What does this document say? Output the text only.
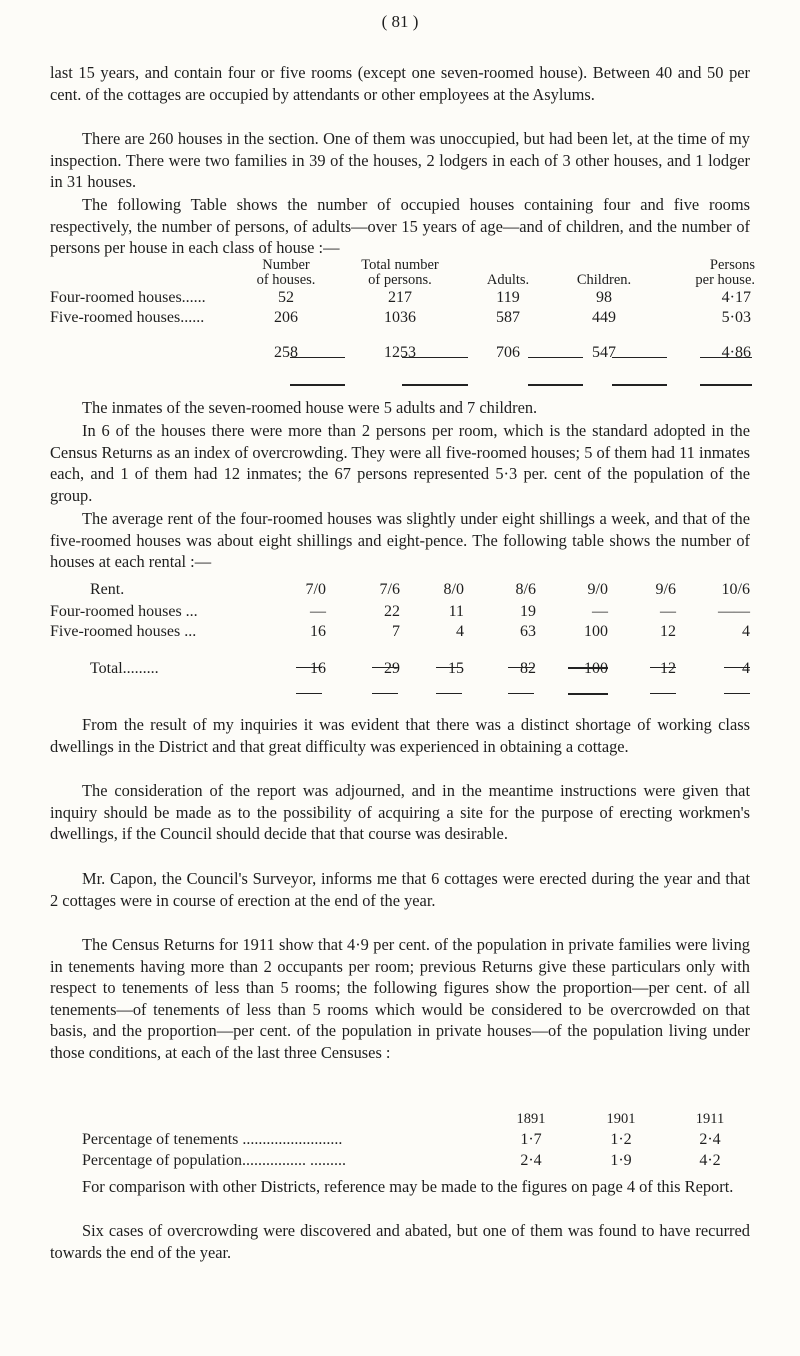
( 81 )

last 15 years, and contain four or five rooms (except one seven-roomed house). Between 40 and 50 per cent. of the cottages are occupied by attendants or other employees at the Asylums.

There are 260 houses in the section. One of them was unoccupied, but had been let, at the time of my inspection. There were two families in 39 of the houses, 2 lodgers in each of 3 other houses, and 1 lodger in 31 houses.

The following Table shows the number of occupied houses containing four and five rooms respectively, the number of persons, of adults—over 15 years of age—and of children, and the number of persons per house in each class of house :—

	Number	Total number			Persons
	of houses.	of persons.	Adults.	Children.	per house.
Four-roomed houses......	52	217	119	98	4·17
Five-roomed houses......	206	1036	587	449	5·03

	258	1253	706	547	4·86

The inmates of the seven-roomed house were 5 adults and 7 children.

In 6 of the houses there were more than 2 persons per room, which is the standard adopted in the Census Returns as an index of overcrowding. They were all five-roomed houses; 5 of them had 11 inmates each, and 1 of them had 12 inmates; the 67 persons represented 5·3 per. cent of the population of the group.

The average rent of the four-roomed houses was slightly under eight shillings a week, and that of the five-roomed houses was about eight shillings and eight-pence. The following table shows the number of houses at each rental :—

Rent.	7/0	7/6	8/0	8/6	9/0	9/6	10/6
Four-roomed houses ...	—	22	11	19	—	—	——
Five-roomed houses ...	16	7	4	63	100	12	4

Total.........	16	29	15	82	100	12	4

From the result of my inquiries it was evident that there was a distinct shortage of working class dwellings in the District and that great difficulty was experienced in obtaining a cottage.

The consideration of the report was adjourned, and in the meantime instructions were given that inquiry should be made as to the possibility of acquiring a site for the purpose of erecting workmen's dwellings, if the Council should decide that that course was desirable.

Mr. Capon, the Council's Surveyor, informs me that 6 cottages were erected during the year and that 2 cottages were in course of erection at the end of the year.

The Census Returns for 1911 show that 4·9 per cent. of the population in private families were living in tenements having more than 2 occupants per room; previous Returns give these particulars only with respect to tenements of less than 5 rooms; the following figures show the proportion—per cent. of all tenements—of tenements of less than 5 rooms which would be considered to be overcrowded on that basis, and the proportion—per cent. of the population in private houses—of the population living under those conditions, at each of the last three Censuses :

	1891	1901	1911
Percentage of tenements .........................	1·7	1·2	2·4
Percentage of population................ .........	2·4	1·9	4·2

For comparison with other Districts, reference may be made to the figures on page 4 of this Report.

Six cases of overcrowding were discovered and abated, but one of them was found to have recurred towards the end of the year.
